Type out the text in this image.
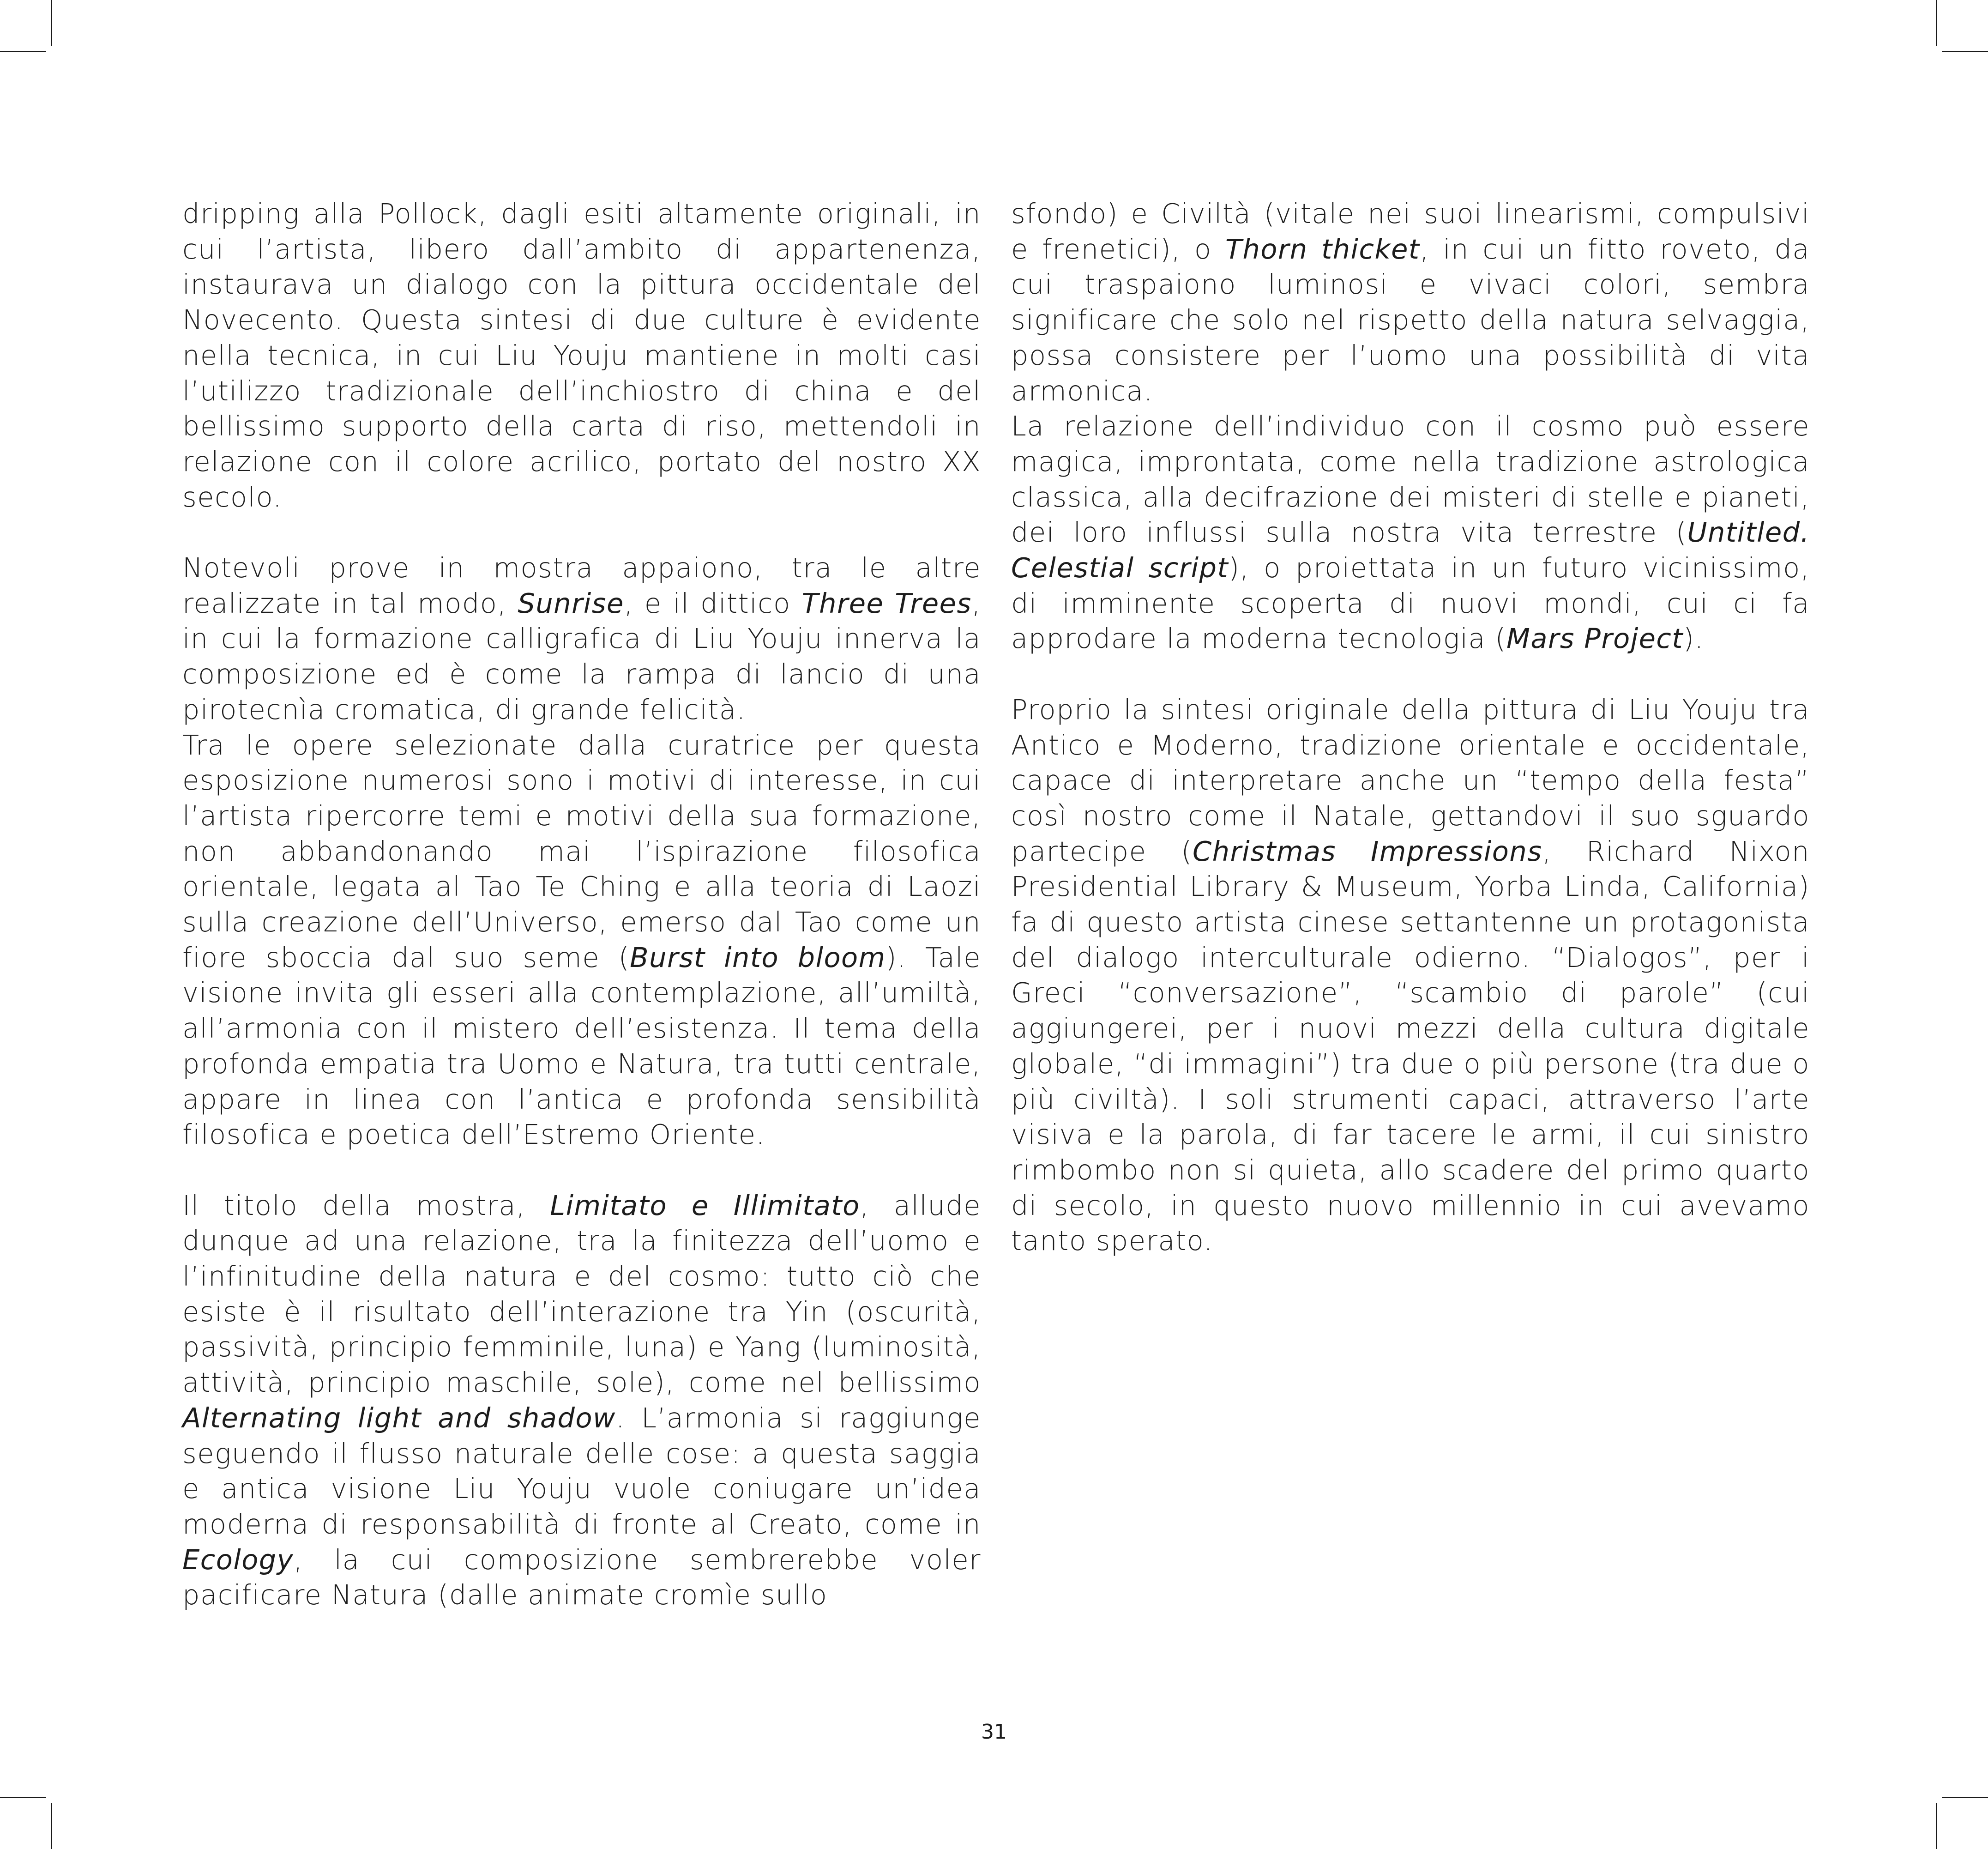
dripping alla Pollock, dagli esiti altamente originali, in cui l’artista, libero dall’ambito di appartenenza, instaurava un dialogo con la pittura occidentale del Novecento. Questa sintesi di due culture è evidente nella tecnica, in cui Liu Youju mantiene in molti casi l’utilizzo tradizionale dell’inchiostro di china e del bellissimo supporto della carta di riso, mettendoli in relazione con il colore acrilico, portato del nostro XX secolo.

Notevoli prove in mostra appaiono, tra le altre realizzate in tal modo, Sunrise, e il dittico Three Trees, in cui la formazione calligrafica di Liu Youju innerva la composizione ed è come la rampa di lancio di una pirotecnìa cromatica, di grande felicità.

Tra le opere selezionate dalla curatrice per questa esposizione numerosi sono i motivi di interesse, in cui l’artista ripercorre temi e motivi della sua formazione, non abbandonando mai l’ispirazione filosofica orientale, legata al Tao Te Ching e alla teoria di Laozi sulla creazione dell’Universo, emerso dal Tao come un fiore sboccia dal suo seme (Burst into bloom). Tale visione invita gli esseri alla contemplazione, all’umiltà, all’armonia con il mistero dell’esistenza. Il tema della profonda empatia tra Uomo e Natura, tra tutti centrale, appare in linea con l’antica e profonda sensibilità filosofica e poetica dell’Estremo Oriente.

Il titolo della mostra, Limitato e Illimitato, allude dunque ad una relazione, tra la finitezza dell’uomo e l’infinitudine della natura e del cosmo: tutto ciò che esiste è il risultato dell’interazione tra Yin (oscurità, passività, principio femminile, luna) e Yang (luminosità, attività, principio maschile, sole), come nel bellissimo Alternating light and shadow. L’armonia si raggiunge seguendo il flusso naturale delle cose: a questa saggia e antica visione Liu Youju vuole coniugare un’idea moderna di responsabilità di fronte al Creato, come in Ecology, la cui composizione sembrerebbe voler pacificare Natura (dalle animate cromìe sullo

sfondo) e Civiltà (vitale nei suoi linearismi, compulsivi e frenetici), o Thorn thicket, in cui un fitto roveto, da cui traspaiono luminosi e vivaci colori, sembra significare che solo nel rispetto della natura selvaggia, possa consistere per l’uomo una possibilità di vita armonica.

La relazione dell’individuo con il cosmo può essere magica, improntata, come nella tradizione astrologica classica, alla decifrazione dei misteri di stelle e pianeti, dei loro influssi sulla nostra vita terrestre (Untitled. Celestial script), o proiettata in un futuro vicinissimo, di imminente scoperta di nuovi mondi, cui ci fa approdare la moderna tecnologia (Mars Project).

Proprio la sintesi originale della pittura di Liu Youju tra Antico e Moderno, tradizione orientale e occidentale, capace di interpretare anche un “tempo della festa” così nostro come il Natale, gettandovi il suo sguardo partecipe (Christmas Impressions, Richard Nixon Presidential Library & Museum, Yorba Linda, California) fa di questo artista cinese settantenne un protagonista del dialogo interculturale odierno. “Dialogos”, per i Greci “conversazione”, “scambio di parole” (cui aggiungerei, per i nuovi mezzi della cultura digitale globale, “di immagini”) tra due o più persone (tra due o più civiltà). I soli strumenti capaci, attraverso l’arte visiva e la parola, di far tacere le armi, il cui sinistro rimbombo non si quieta, allo scadere del primo quarto di secolo, in questo nuovo millennio in cui avevamo tanto sperato.

31
